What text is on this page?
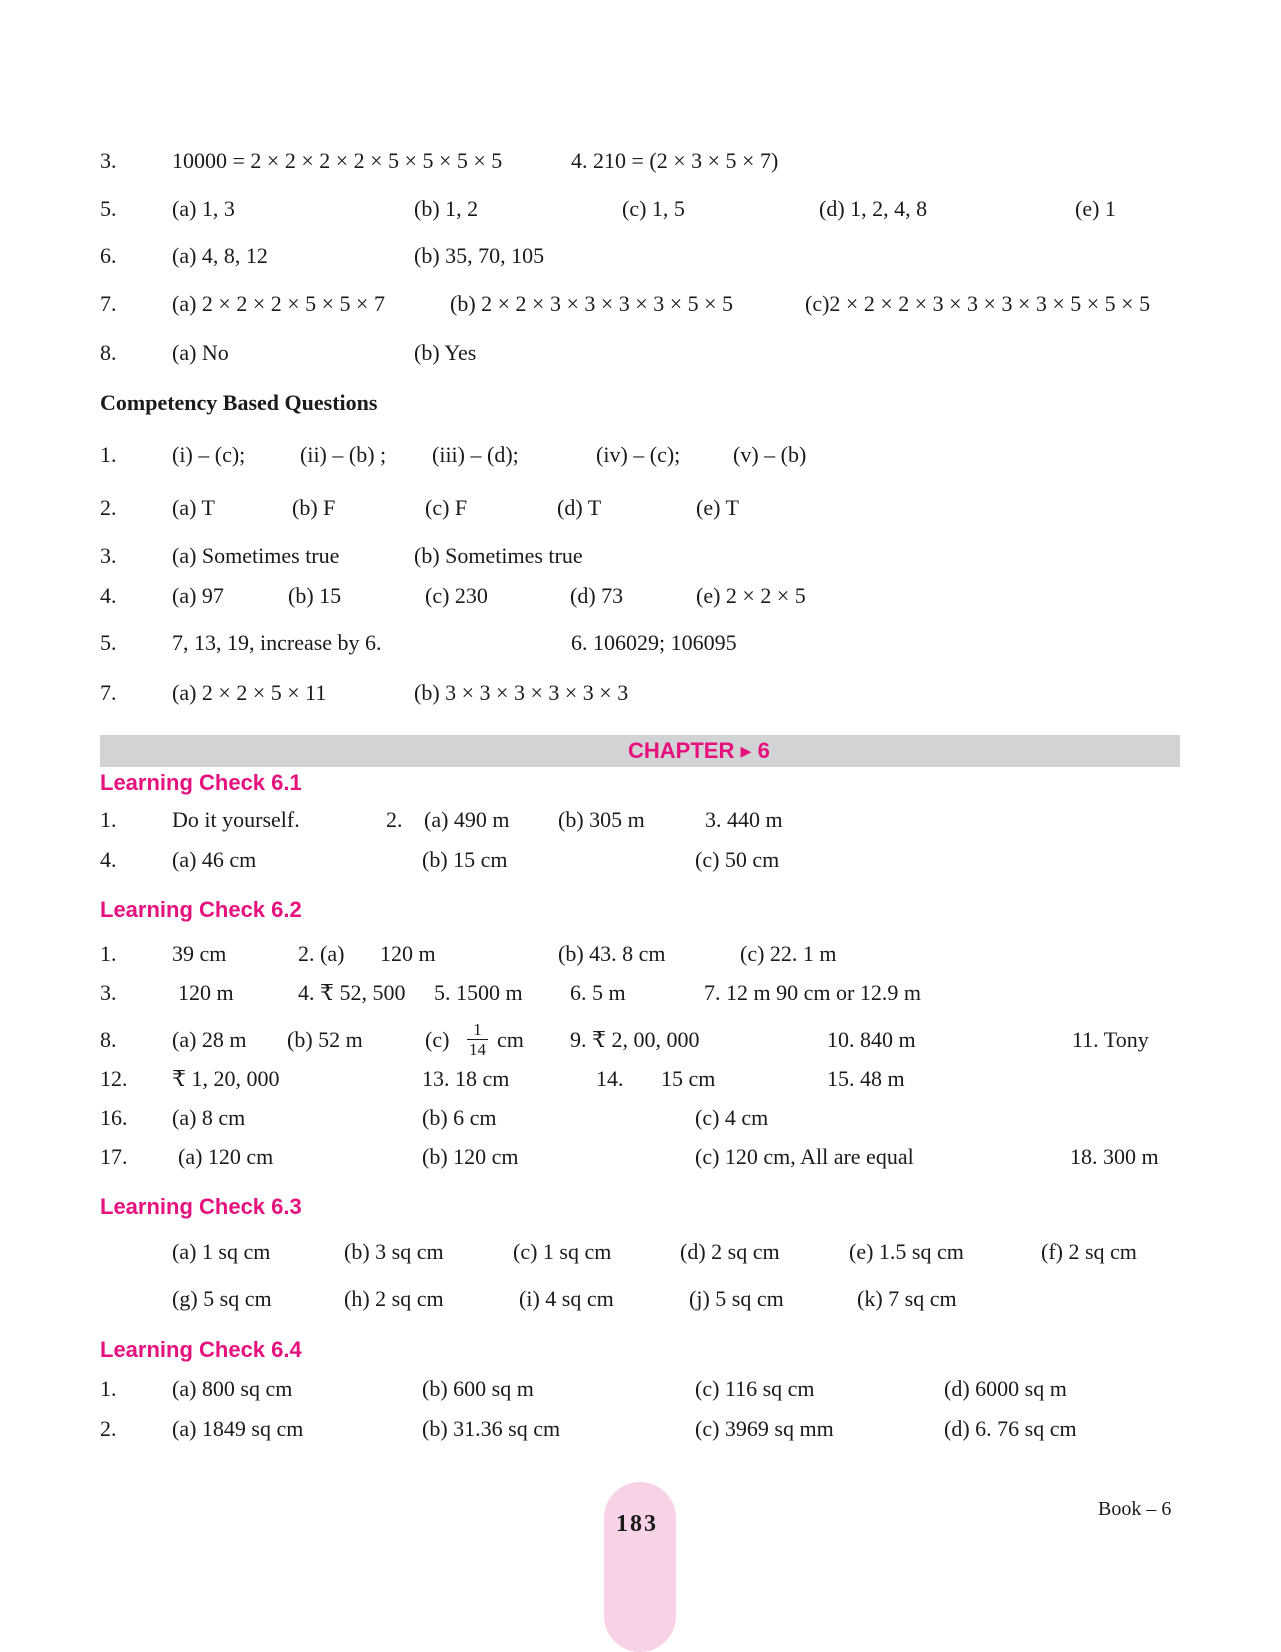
3.	10000 = 2 × 2 × 2 × 2 × 5 × 5 × 5 × 5	4. 210 = (2 × 3 × 5 × 7)
5.	(a) 1, 3	(b) 1, 2	(c) 1, 5	(d) 1, 2, 4, 8	(e) 1
6.	(a) 4, 8, 12	(b) 35, 70, 105
7.	(a) 2 × 2 × 2 × 5 × 5 × 7	(b) 2 × 2 × 3 × 3 × 3 × 3 × 5 × 5	(c)2 × 2 × 2 × 3 × 3 × 3 × 3 × 5 × 5 × 5
8.	(a) No	(b) Yes
Competency Based Questions
1.	(i) – (c); (ii) – (b) ; (iii) – (d);	(iv) – (c); (v) – (b)
2.	(a) T	(b) F	(c) F	(d) T	(e) T
3.	(a) Sometimes true	(b) Sometimes true
4.	(a) 97	(b) 15	(c) 230	(d) 73	(e) 2 × 2 × 5
5.	7, 13, 19, increase by 6.	6. 106029; 106095
7.	(a) 2 × 2 × 5 × 11	(b) 3 × 3 × 3 × 3 × 3 × 3
CHAPTER ▸ 6
Learning Check 6.1
1.	Do it yourself.	2. (a) 490 m (b) 305 m	3. 440 m
4.	(a) 46 cm	(b) 15 cm	(c) 50 cm
Learning Check 6.2
1.	39 cm	2. (a) 120 m	(b) 43. 8 cm	(c) 22. 1 m
3.	120 m	4. ₹ 52, 500 5. 1500 m 6. 5 m	7. 12 m 90 cm or 12.9 m
8.	(a) 28 m (b) 52 m	$(c) \frac{1}{14}$ cm 9. ₹ 2, 00, 000	10. 840 m	11. Tony
12. ₹ 1, 20, 000	13. 18 cm	14. 15 cm	15. 48 m
16. (a) 8 cm	(b) 6 cm	(c) 4 cm
17. (a) 120 cm	(b) 120 cm	(c) 120 cm, All are equal	18. 300 m
Learning Check 6.3
(a) 1 sq cm	(b) 3 sq cm	(c) 1 sq cm	(d) 2 sq cm	(e) 1.5 sq cm	(f) 2 sq cm
(g) 5 sq cm	(h) 2 sq cm	(i) 4 sq cm	(j) 5 sq cm	(k) 7 sq cm
Learning Check 6.4
1.	(a) 800 sq cm	(b) 600 sq m	(c) 116 sq cm	(d) 6000 sq m
2.	(a) 1849 sq cm	(b) 31.36 sq cm	(c) 3969 sq mm	(d) 6. 76 sq cm
183
Book – 6
